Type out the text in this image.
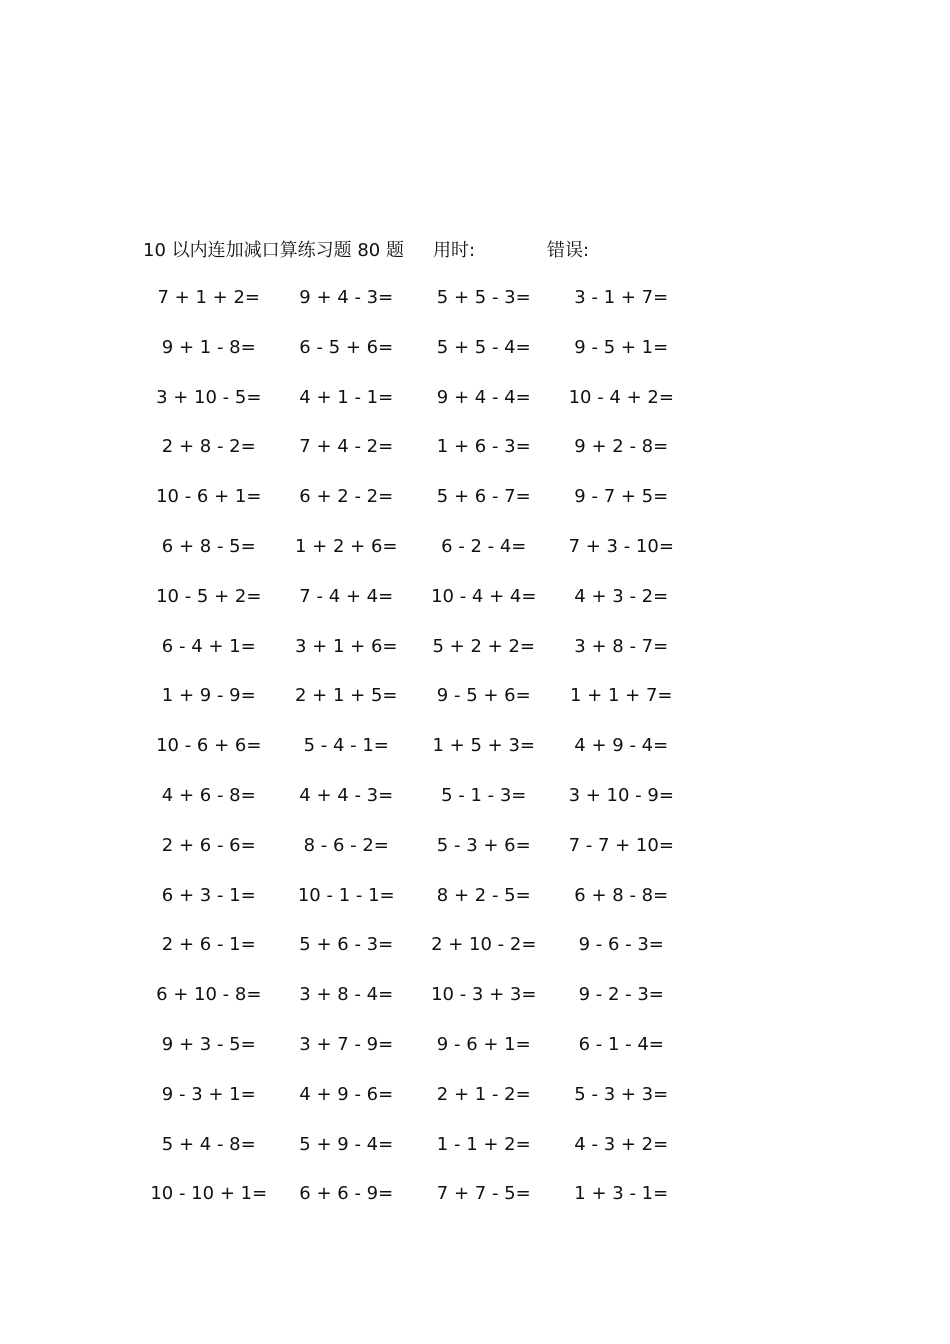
10 以内连加减口算练习题 80 题 用时:	错误:
7 + 1 + 2=	9 + 4 - 3=	5 + 5 - 3=	3 - 1 + 7=
9 + 1 - 8=	6 - 5 + 6=	5 + 5 - 4=	9 - 5 + 1=
3 + 10 - 5=	4 + 1 - 1=	9 + 4 - 4=	10 - 4 + 2=
2 + 8 - 2=	7 + 4 - 2=	1 + 6 - 3=	9 + 2 - 8=
10 - 6 + 1=	6 + 2 - 2=	5 + 6 - 7=	9 - 7 + 5=
6 + 8 - 5=	1 + 2 + 6=	6 - 2 - 4=	7 + 3 - 10=
10 - 5 + 2=	7 - 4 + 4=	10 - 4 + 4=	4 + 3 - 2=
6 - 4 + 1=	3 + 1 + 6=	5 + 2 + 2=	3 + 8 - 7=
1 + 9 - 9=	2 + 1 + 5=	9 - 5 + 6=	1 + 1 + 7=
10 - 6 + 6=	5 - 4 - 1=	1 + 5 + 3=	4 + 9 - 4=
4 + 6 - 8=	4 + 4 - 3=	5 - 1 - 3=	3 + 10 - 9=
2 + 6 - 6=	8 - 6 - 2=	5 - 3 + 6=	7 - 7 + 10=
6 + 3 - 1=	10 - 1 - 1=	8 + 2 - 5=	6 + 8 - 8=
2 + 6 - 1=	5 + 6 - 3=	2 + 10 - 2=	9 - 6 - 3=
6 + 10 - 8=	3 + 8 - 4=	10 - 3 + 3=	9 - 2 - 3=
9 + 3 - 5=	3 + 7 - 9=	9 - 6 + 1=	6 - 1 - 4=
9 - 3 + 1=	4 + 9 - 6=	2 + 1 - 2=	5 - 3 + 3=
5 + 4 - 8=	5 + 9 - 4=	1 - 1 + 2=	4 - 3 + 2=
10 - 10 + 1=	6 + 6 - 9=	7 + 7 - 5=	1 + 3 - 1=
